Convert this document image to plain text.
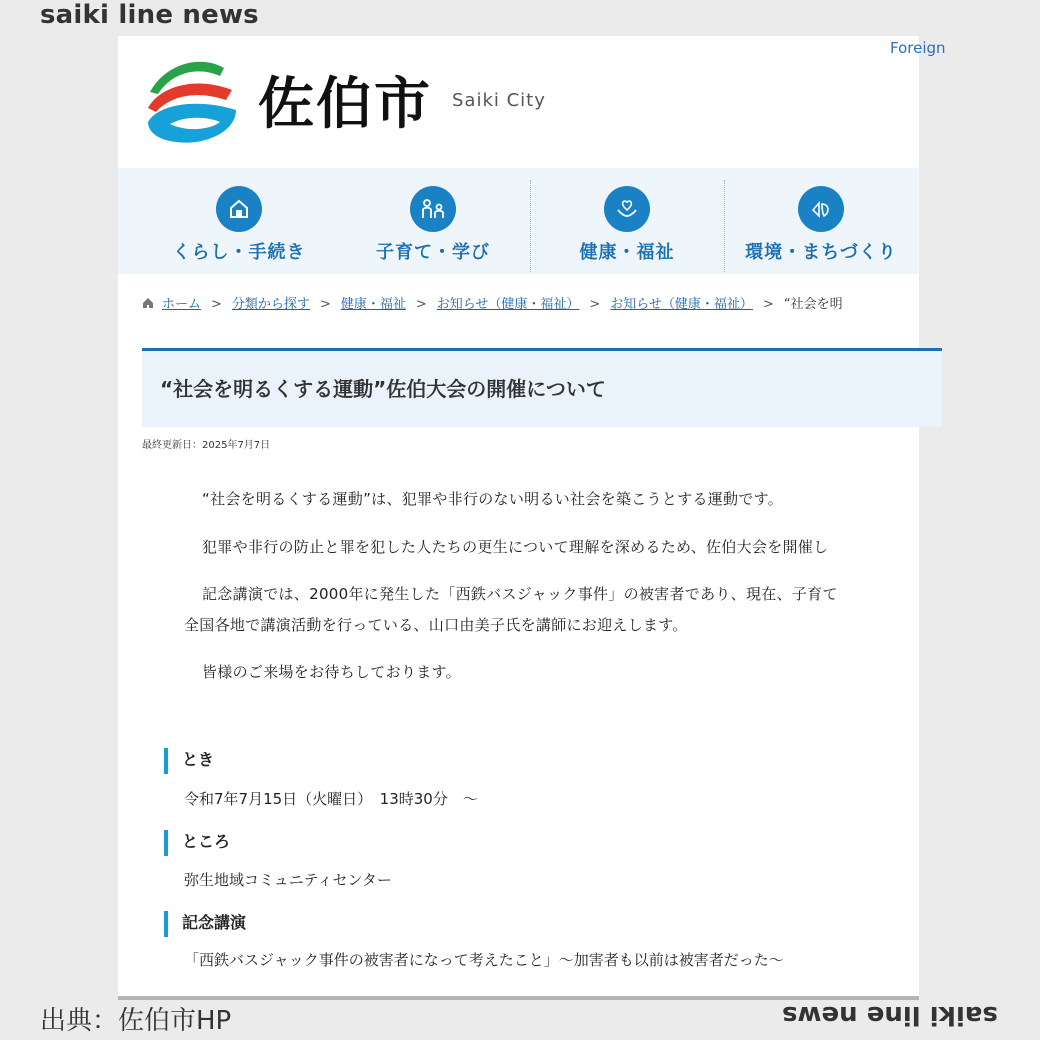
saiki line news
Foreign
佐伯市 Saiki City
くらし・手続き	子育て・学び	健康・福祉	環境・まちづくり
ホーム > 分類から探す > 健康・福祉 > お知らせ（健康・福祉） > お知らせ（健康・福祉） > “社会を明
“社会を明るくする運動”佐伯大会の開催について
最終更新日：2025年7月7日
“社会を明るくする運動”は、犯罪や非行のない明るい社会を築こうとする運動です。
犯罪や非行の防止と罪を犯した人たちの更生について理解を深めるため、佐伯大会を開催し
記念講演では、2000年に発生した「西鉄バスジャック事件」の被害者であり、現在、子育て
全国各地で講演活動を行っている、山口由美子氏を講師にお迎えします。
皆様のご来場をお待ちしております。
とき
令和7年7月15日（火曜日）　13時30分　～
ところ
弥生地域コミュニティセンター
記念講演
「西鉄バスジャック事件の被害者になって考えたこと」～加害者も以前は被害者だった～
出典：佐伯市HP	saiki line news
